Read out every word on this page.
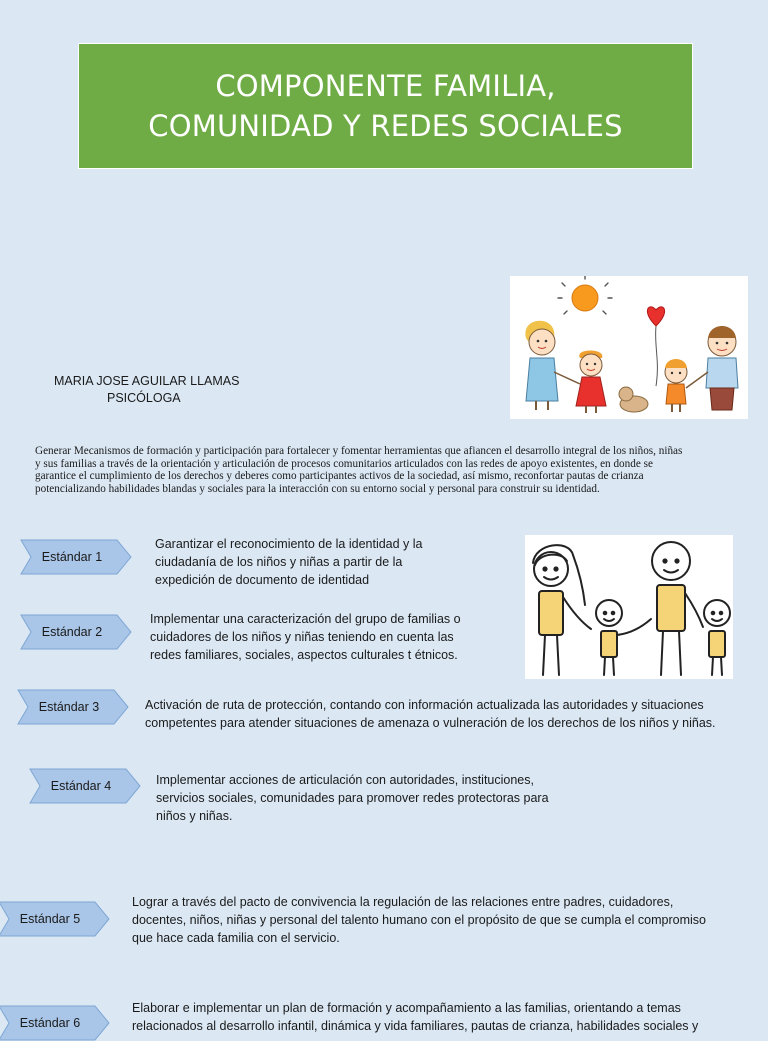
COMPONENTE FAMILIA,
COMUNIDAD Y REDES SOCIALES
MARIA JOSE AGUILAR LLAMAS
PSICÓLOGA
Generar Mecanismos de formación y participación para fortalecer y fomentar herramientas que afiancen el desarrollo integral de los niños, niñas y sus familias a través de la orientación y articulación de procesos comunitarios articulados con las redes de apoyo existentes, en donde se garantice el cumplimiento de los derechos y deberes como participantes activos de la sociedad, así mismo, reconfortar pautas de crianza potencializando habilidades blandas y sociales para la interacción con su entorno social y personal para construir su identidad.
Estándar 1
Garantizar el reconocimiento de la identidad y la ciudadanía de los niños y niñas a partir de la expedición de documento de identidad
Estándar 2
Implementar una caracterización del grupo de familias o cuidadores de los niños y niñas teniendo en cuenta las redes familiares, sociales, aspectos culturales t étnicos.
Estándar 3	Activación de ruta de protección, contando con información actualizada las autoridades y situaciones competentes para atender situaciones de amenaza o vulneración de los derechos de los niños y niñas.
Estándar 4	Implementar acciones de articulación con autoridades, instituciones, servicios sociales, comunidades para promover redes protectoras para niños y niñas.
Estándar 5
Lograr a través del pacto de convivencia la regulación de las relaciones entre padres, cuidadores, docentes, niños, niñas y personal del talento humano con el propósito de que se cumpla el compromiso que hace cada familia con el servicio.
Estándar 6
Elaborar e implementar un plan de formación y acompañamiento a las familias, orientando a temas relacionados al desarrollo infantil, dinámica y vida familiares, pautas de crianza, habilidades sociales y
